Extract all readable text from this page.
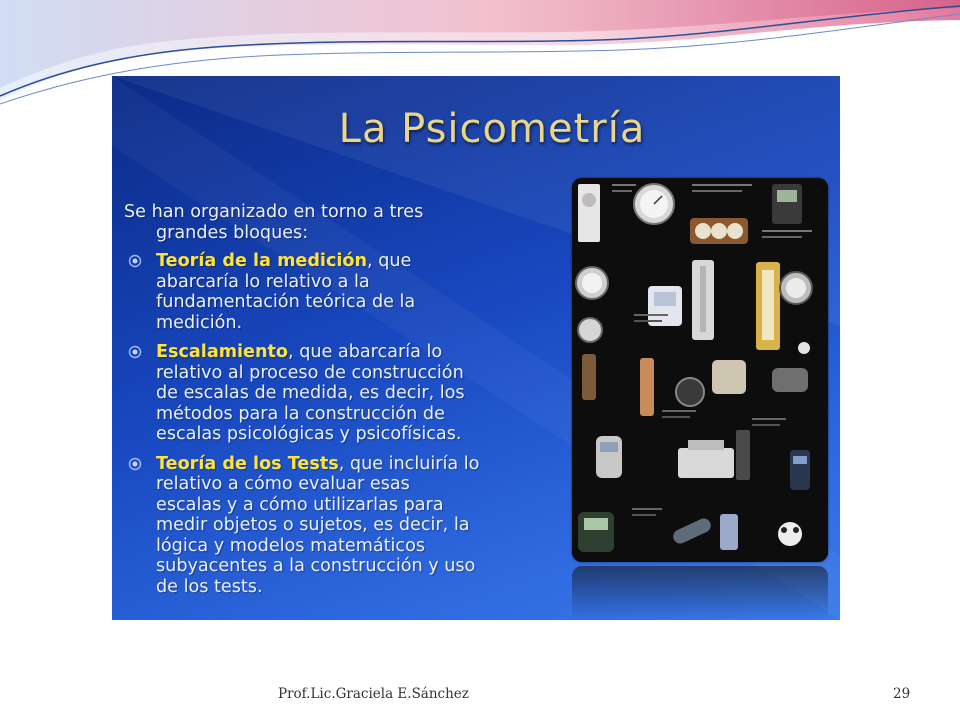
La Psicometría
Se han organizado en torno a tres
grandes bloques:
Teoría de la medición, que
abarcaría lo relativo a la
fundamentación teórica de la
medición.
Escalamiento, que abarcaría lo
relativo al proceso de construcción
de escalas de medida, es decir, los
métodos para la construcción de
escalas psicológicas y psicofísicas.
Teoría de los Tests, que incluiría lo
relativo a cómo evaluar esas
escalas y a cómo utilizarlas para
medir objetos o sujetos, es decir, la
lógica y modelos matemáticos
subyacentes a la construcción y uso
de los tests.
Prof.Lic.Graciela E.Sánchez	29
